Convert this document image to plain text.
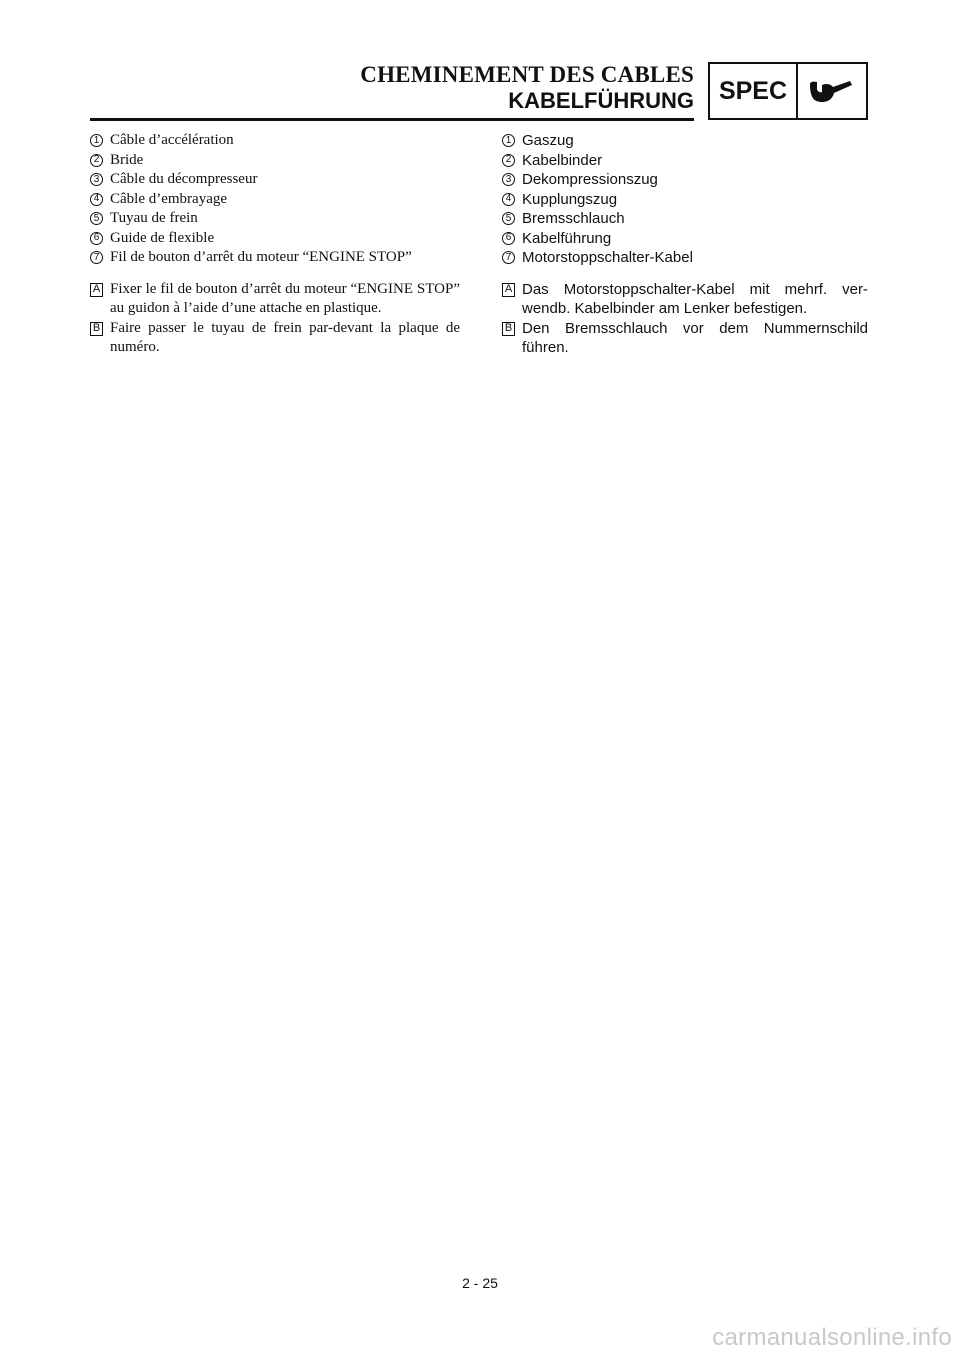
CHEMINEMENT DES CABLES
KABELFÜHRUNG SPEC
1 Câble d’accélération
2 Bride
3 Câble du décompresseur
4 Câble d’embrayage
5 Tuyau de frein
6 Guide de flexible
7 Fil de bouton d’arrêt du moteur “ENGINE STOP”
A Fixer le fil de bouton d’arrêt du moteur “ENGINE STOP” au guidon à l’aide d’une attache en plastique.
B Faire passer le tuyau de frein par-devant la plaque de numéro.
1 Gaszug
2 Kabelbinder
3 Dekompressionszug
4 Kupplungszug
5 Bremsschlauch
6 Kabelführung
7 Motorstoppschalter-Kabel
A Das Motorstoppschalter-Kabel mit mehrf. ver- wendb. Kabelbinder am Lenker befestigen.
B Den Bremsschlauch vor dem Nummernschild führen.
2 - 25
carmanualsonline.info
